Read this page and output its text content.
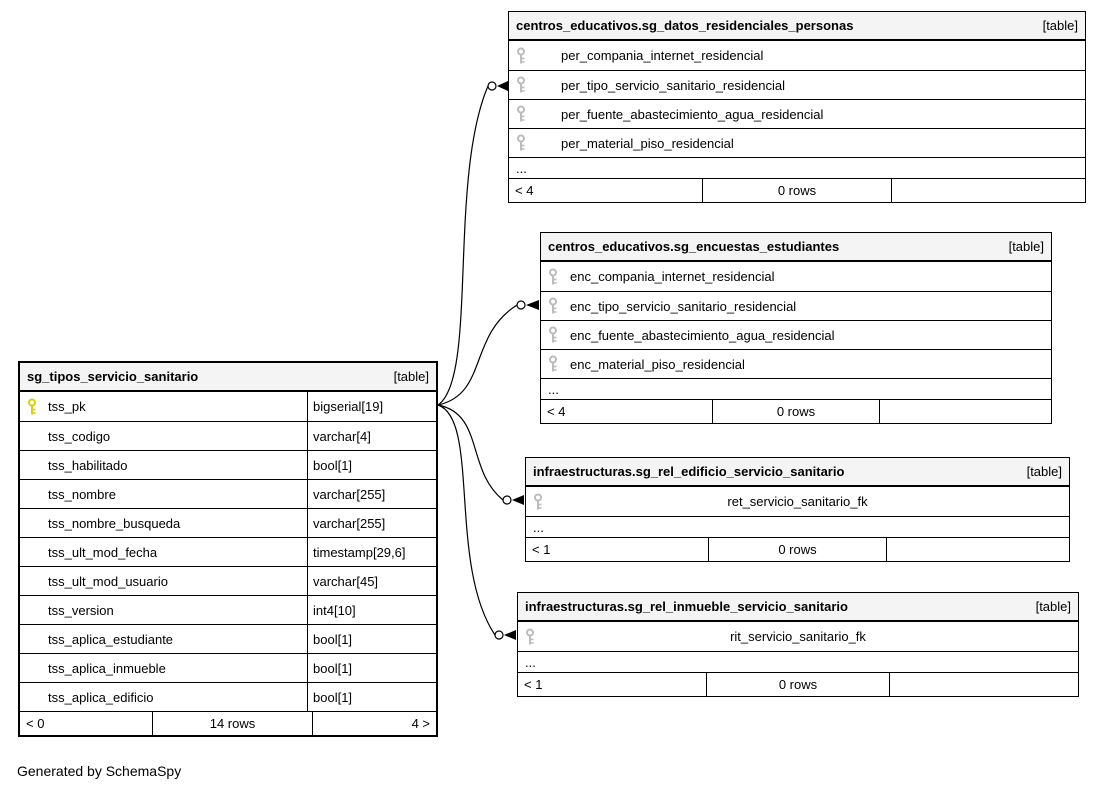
sg_tipos_servicio_sanitario	[table]
tss_pk	bigserial[19]
tss_codigo	varchar[4]
tss_habilitado	bool[1]
tss_nombre	varchar[255]
tss_nombre_busqueda	varchar[255]
tss_ult_mod_fecha	timestamp[29,6]
tss_ult_mod_usuario	varchar[45]
tss_version	int4[10]
tss_aplica_estudiante	bool[1]
tss_aplica_inmueble	bool[1]
tss_aplica_edificio	bool[1]
< 0	14 rows	4 >
centros_educativos.sg_datos_residenciales_personas	[table]
per_compania_internet_residencial
per_tipo_servicio_sanitario_residencial
per_fuente_abastecimiento_agua_residencial
per_material_piso_residencial
...
< 4	0 rows
centros_educativos.sg_encuestas_estudiantes	[table]
enc_compania_internet_residencial
enc_tipo_servicio_sanitario_residencial
enc_fuente_abastecimiento_agua_residencial
enc_material_piso_residencial
...
< 4	0 rows
infraestructuras.sg_rel_edificio_servicio_sanitario	[table]
ret_servicio_sanitario_fk
...
< 1	0 rows
infraestructuras.sg_rel_inmueble_servicio_sanitario	[table]
rit_servicio_sanitario_fk
...
< 1	0 rows
Generated by SchemaSpy
